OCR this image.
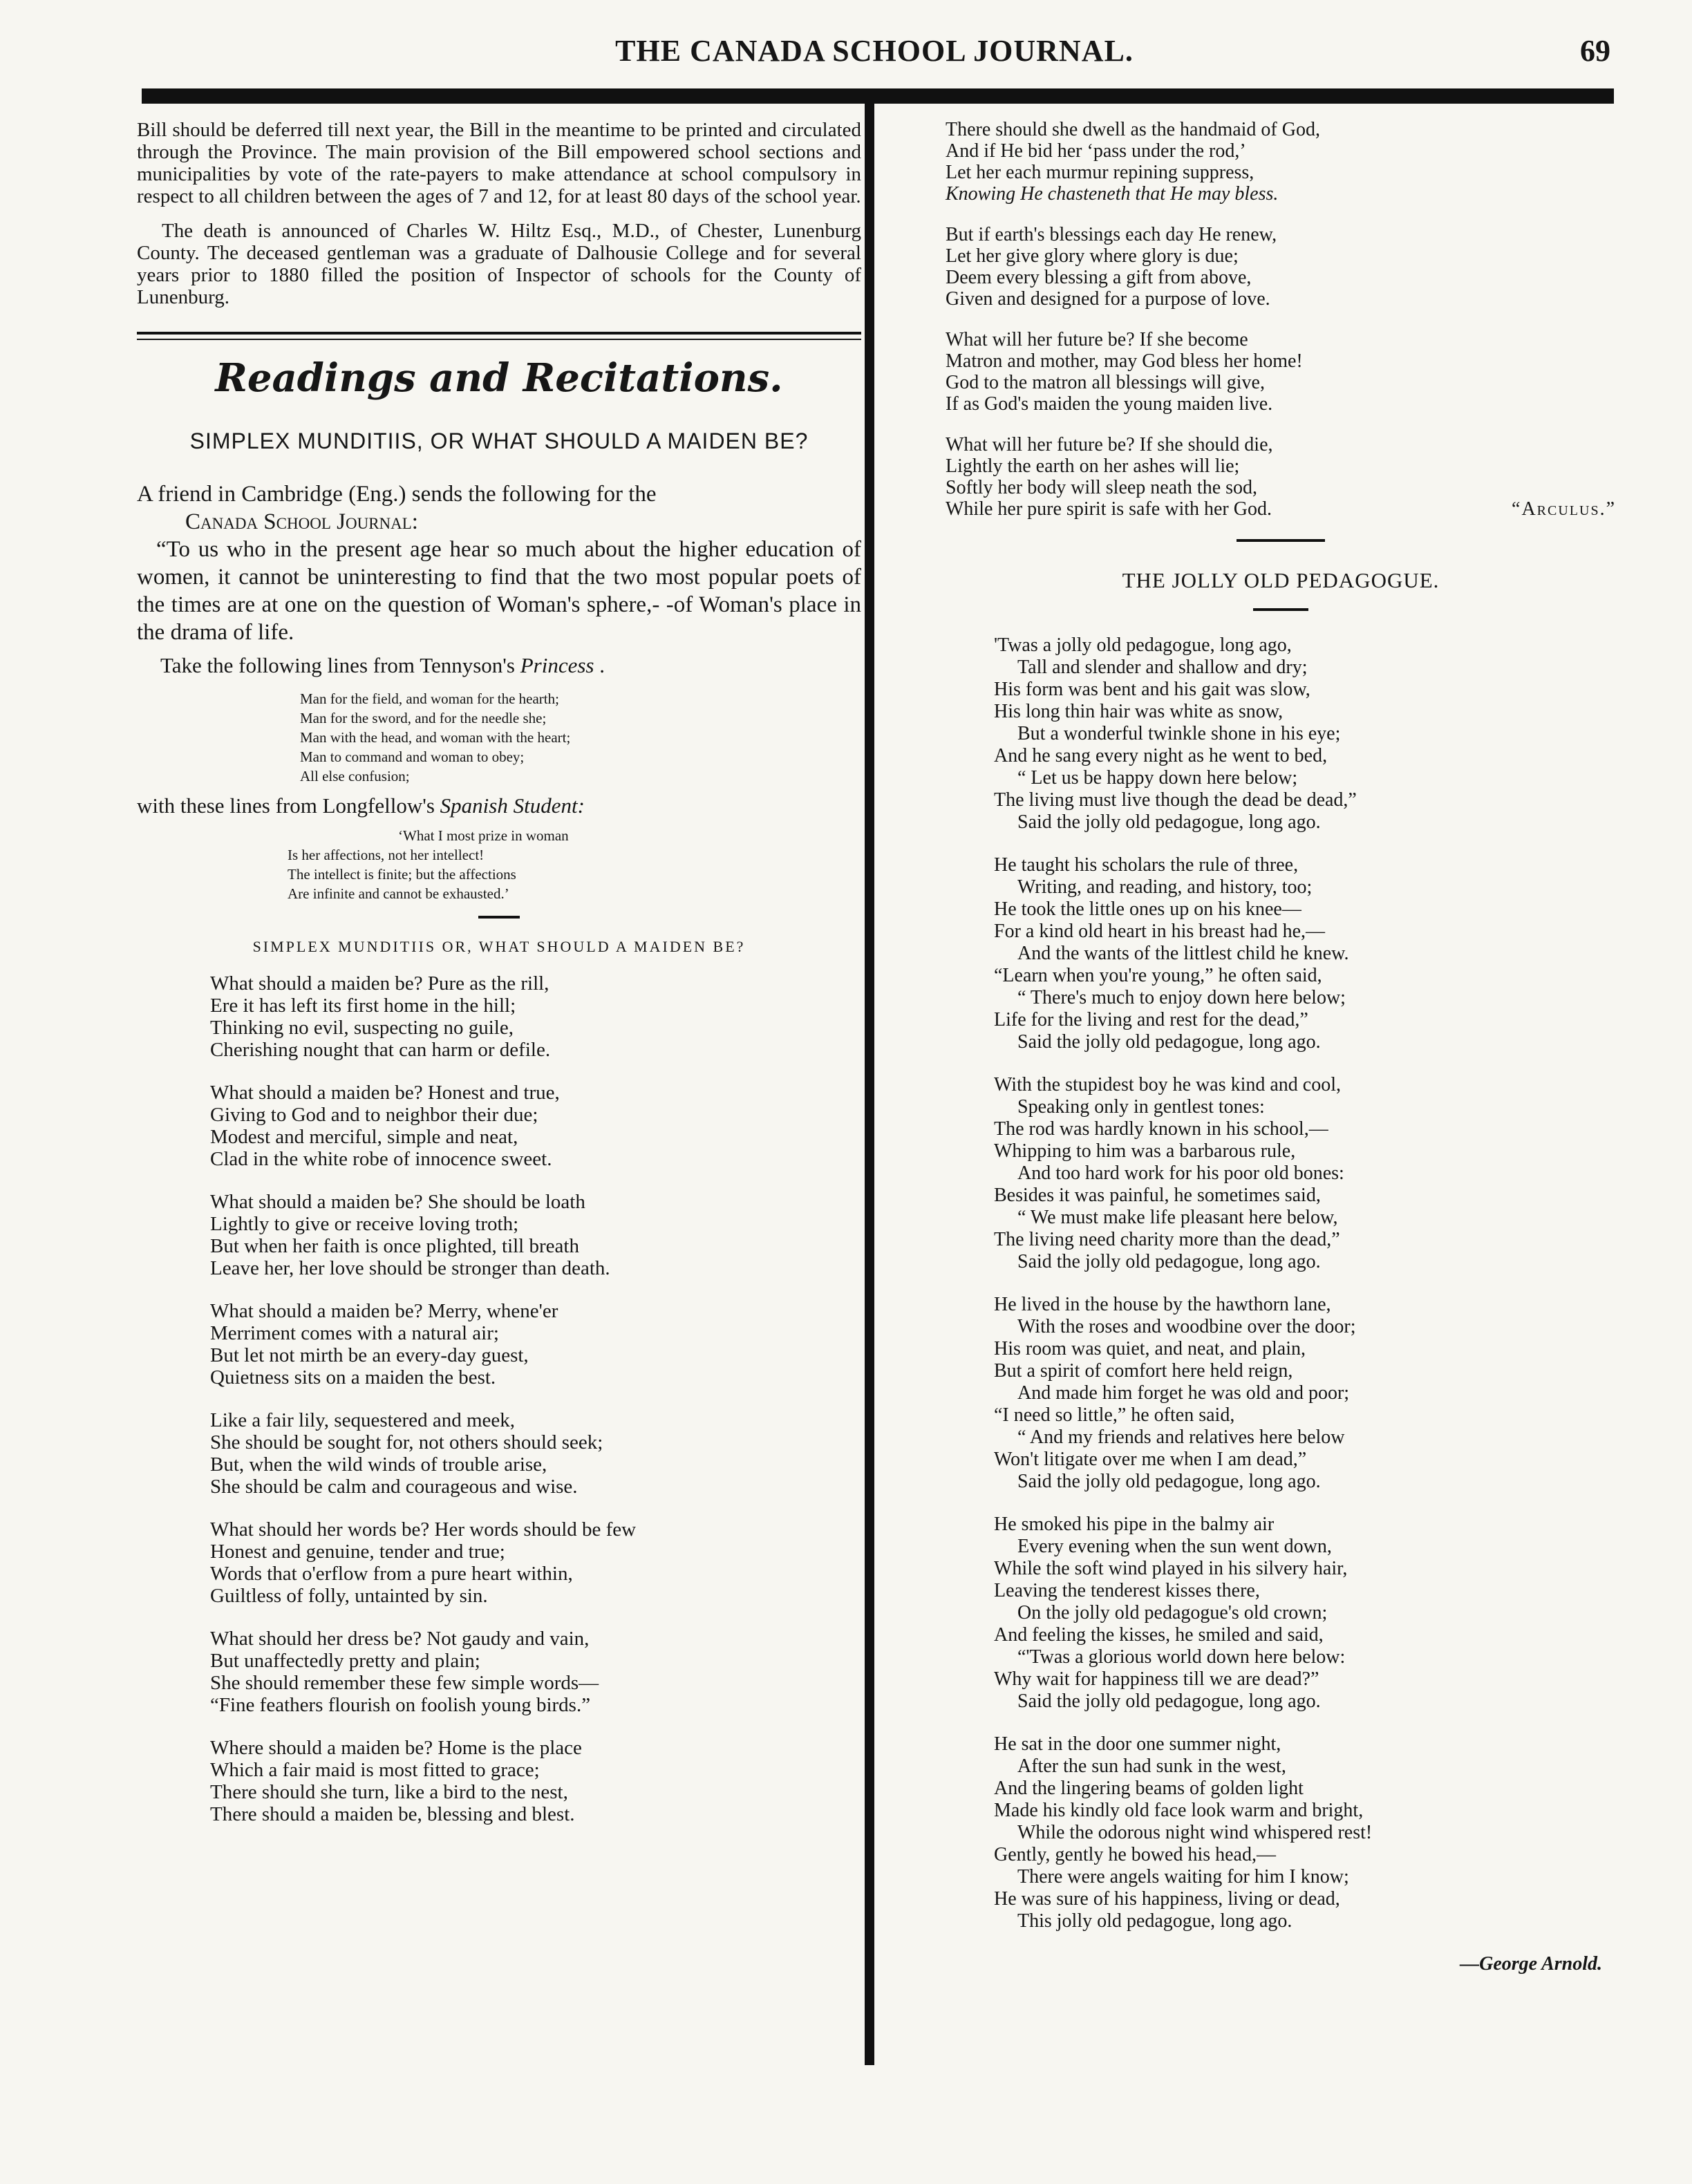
THE CANADA SCHOOL JOURNAL.	69

Bill should be deferred till next year, the Bill in the meantime to be printed and circulated through the Province. The main provision of the Bill empowered school sections and municipalities by vote of the rate-payers to make attendance at school compulsory in respect to all children between the ages of 7 and 12, for at least 80 days of the school year.

The death is announced of Charles W. Hiltz Esq., M.D., of Chester, Lunenburg County. The deceased gentleman was a graduate of Dalhousie College and for several years prior to 1880 filled the position of Inspector of schools for the County of Lunenburg.

Readings and Recitations.
SIMPLEX MUNDITIIS, OR WHAT SHOULD A MAIDEN BE?
A friend in Cambridge (Eng.) sends the following for the
Canada School Journal:
“To us who in the present age hear so much about the higher education of women, it cannot be uninteresting to find that the two most popular poets of the times are at one on the question of Woman's sphere,- -of Woman's place in the drama of life.
Take the following lines from Tennyson's Princess .
Man for the field, and woman for the hearth;
Man for the sword, and for the needle she;
Man with the head, and woman with the heart;
Man to command and woman to obey;
All else confusion;
with these lines from Longfellow's Spanish Student:
‘What I most prize in woman
Is her affections, not her intellect!
The intellect is finite; but the affections
Are infinite and cannot be exhausted.’
SIMPLEX MUNDITIIS OR, WHAT SHOULD A MAIDEN BE?
What should a maiden be? Pure as the rill,
Ere it has left its first home in the hill;
Thinking no evil, suspecting no guile,
Cherishing nought that can harm or defile.
What should a maiden be? Honest and true,
Giving to God and to neighbor their due;
Modest and merciful, simple and neat,
Clad in the white robe of innocence sweet.
What should a maiden be? She should be loath
Lightly to give or receive loving troth;
But when her faith is once plighted, till breath
Leave her, her love should be stronger than death.
What should a maiden be? Merry, whene'er
Merriment comes with a natural air;
But let not mirth be an every-day guest,
Quietness sits on a maiden the best.
Like a fair lily, sequestered and meek,
She should be sought for, not others should seek;
But, when the wild winds of trouble arise,
She should be calm and courageous and wise.
What should her words be? Her words should be few
Honest and genuine, tender and true;
Words that o'erflow from a pure heart within,
Guiltless of folly, untainted by sin.
What should her dress be? Not gaudy and vain,
But unaffectedly pretty and plain;
She should remember these few simple words—
“Fine feathers flourish on foolish young birds.”
Where should a maiden be? Home is the place
Which a fair maid is most fitted to grace;
There should she turn, like a bird to the nest,
There should a maiden be, blessing and blest.
There should she dwell as the handmaid of God,
And if He bid her ‘pass under the rod,’
Let her each murmur repining suppress,
Knowing He chasteneth that He may bless.
But if earth's blessings each day He renew,
Let her give glory where glory is due;
Deem every blessing a gift from above,
Given and designed for a purpose of love.
What will her future be? If she become
Matron and mother, may God bless her home!
God to the matron all blessings will give,
If as God's maiden the young maiden live.
What will her future be? If she should die,
Lightly the earth on her ashes will lie;
Softly her body will sleep neath the sod,
While her pure spirit is safe with her God.	“Arculus.”
THE JOLLY OLD PEDAGOGUE.
'Twas a jolly old pedagogue, long ago,
Tall and slender and shallow and dry;
His form was bent and his gait was slow,
His long thin hair was white as snow,
But a wonderful twinkle shone in his eye;
And he sang every night as he went to bed,
“ Let us be happy down here below;
The living must live though the dead be dead,”
Said the jolly old pedagogue, long ago.
He taught his scholars the rule of three,
Writing, and reading, and history, too;
He took the little ones up on his knee—
For a kind old heart in his breast had he,—
And the wants of the littlest child he knew.
“Learn when you're young,” he often said,
“ There's much to enjoy down here below;
Life for the living and rest for the dead,”
Said the jolly old pedagogue, long ago.
With the stupidest boy he was kind and cool,
Speaking only in gentlest tones:
The rod was hardly known in his school,—
Whipping to him was a barbarous rule,
And too hard work for his poor old bones:
Besides it was painful, he sometimes said,
“ We must make life pleasant here below,
The living need charity more than the dead,”
Said the jolly old pedagogue, long ago.
He lived in the house by the hawthorn lane,
With the roses and woodbine over the door;
His room was quiet, and neat, and plain,
But a spirit of comfort here held reign,
And made him forget he was old and poor;
“I need so little,” he often said,
“ And my friends and relatives here below
Won't litigate over me when I am dead,”
Said the jolly old pedagogue, long ago.
He smoked his pipe in the balmy air
Every evening when the sun went down,
While the soft wind played in his silvery hair,
Leaving the tenderest kisses there,
On the jolly old pedagogue's old crown;
And feeling the kisses, he smiled and said,
“'Twas a glorious world down here below:
Why wait for happiness till we are dead?”
Said the jolly old pedagogue, long ago.
He sat in the door one summer night,
After the sun had sunk in the west,
And the lingering beams of golden light
Made his kindly old face look warm and bright,
While the odorous night wind whispered rest!
Gently, gently he bowed his head,—
There were angels waiting for him I know;
He was sure of his happiness, living or dead,
This jolly old pedagogue, long ago.
—George Arnold.
